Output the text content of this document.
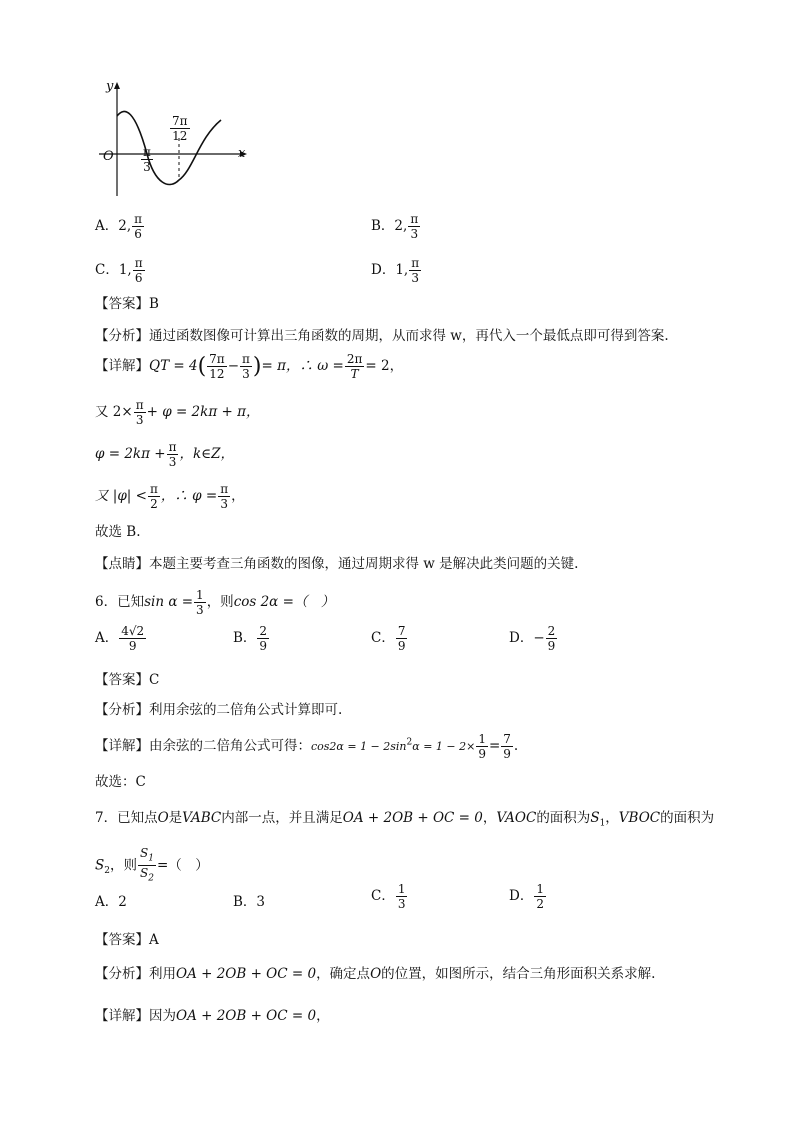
y
x
O $\frac{\pi}{3}$
$\frac{7\pi}{12}$
A．2, $\frac{\pi}{6}$	B．2, $\frac{\pi}{3}$
C．1, $\frac{\pi}{6}$	D．1, $\frac{\pi}{3}$
【答案】B
【分析】通过函数图像可计算出三角函数的周期，从而求得 w，再代入一个最低点即可得到答案.
【详解】QT = $4( \frac{7\pi}{12} - \frac{\pi}{3}$ )= π，∴ $\omega = \frac{2\pi}{T} = 2$，
又 $2\times \frac{\pi}{3} + \varphi = 2k\pi + \pi$，
$\varphi = 2k\pi + \frac{\pi}{3}$ ，k∈Z，
又 $|\varphi| < \frac{\pi}{2}$ ，∴ $\varphi = \frac{\pi}{3}$ ，
故选 B.
【点睛】本题主要考查三角函数的图像，通过周期求得 w 是解决此类问题的关键.
6．已知$\sin \alpha = \frac{1}{3}$ ，则cos 2α =（　）
A． $\frac{4√2}{9}$	B． $\frac{2}{9}$	C． $\frac{7}{9}$	D．− $\frac{2}{9}$
【答案】C
【分析】利用余弦的二倍角公式计算即可.
【详解】由余弦的二倍角公式可得：$\cos 2\alpha = 1 - 2\sin^2\alpha = 1 - 2\times \frac{1}{9} = \frac{7}{9}$ .
故选：C
7．已知点O是VABC内部一点，并且满足OA + 2OB + OC = 0，VAOC的面积为$S_1$，VBOC的面积为
$S_2$，则 $\frac{S_1}{S_2}$ =（　）
A．2	B．3	C． $\frac{1}{3}$	D． $\frac{1}{2}$
【答案】A
【分析】利用OA + 2OB + OC = 0，确定点O的位置，如图所示，结合三角形面积关系求解.
【详解】因为OA + 2OB + OC = 0，
